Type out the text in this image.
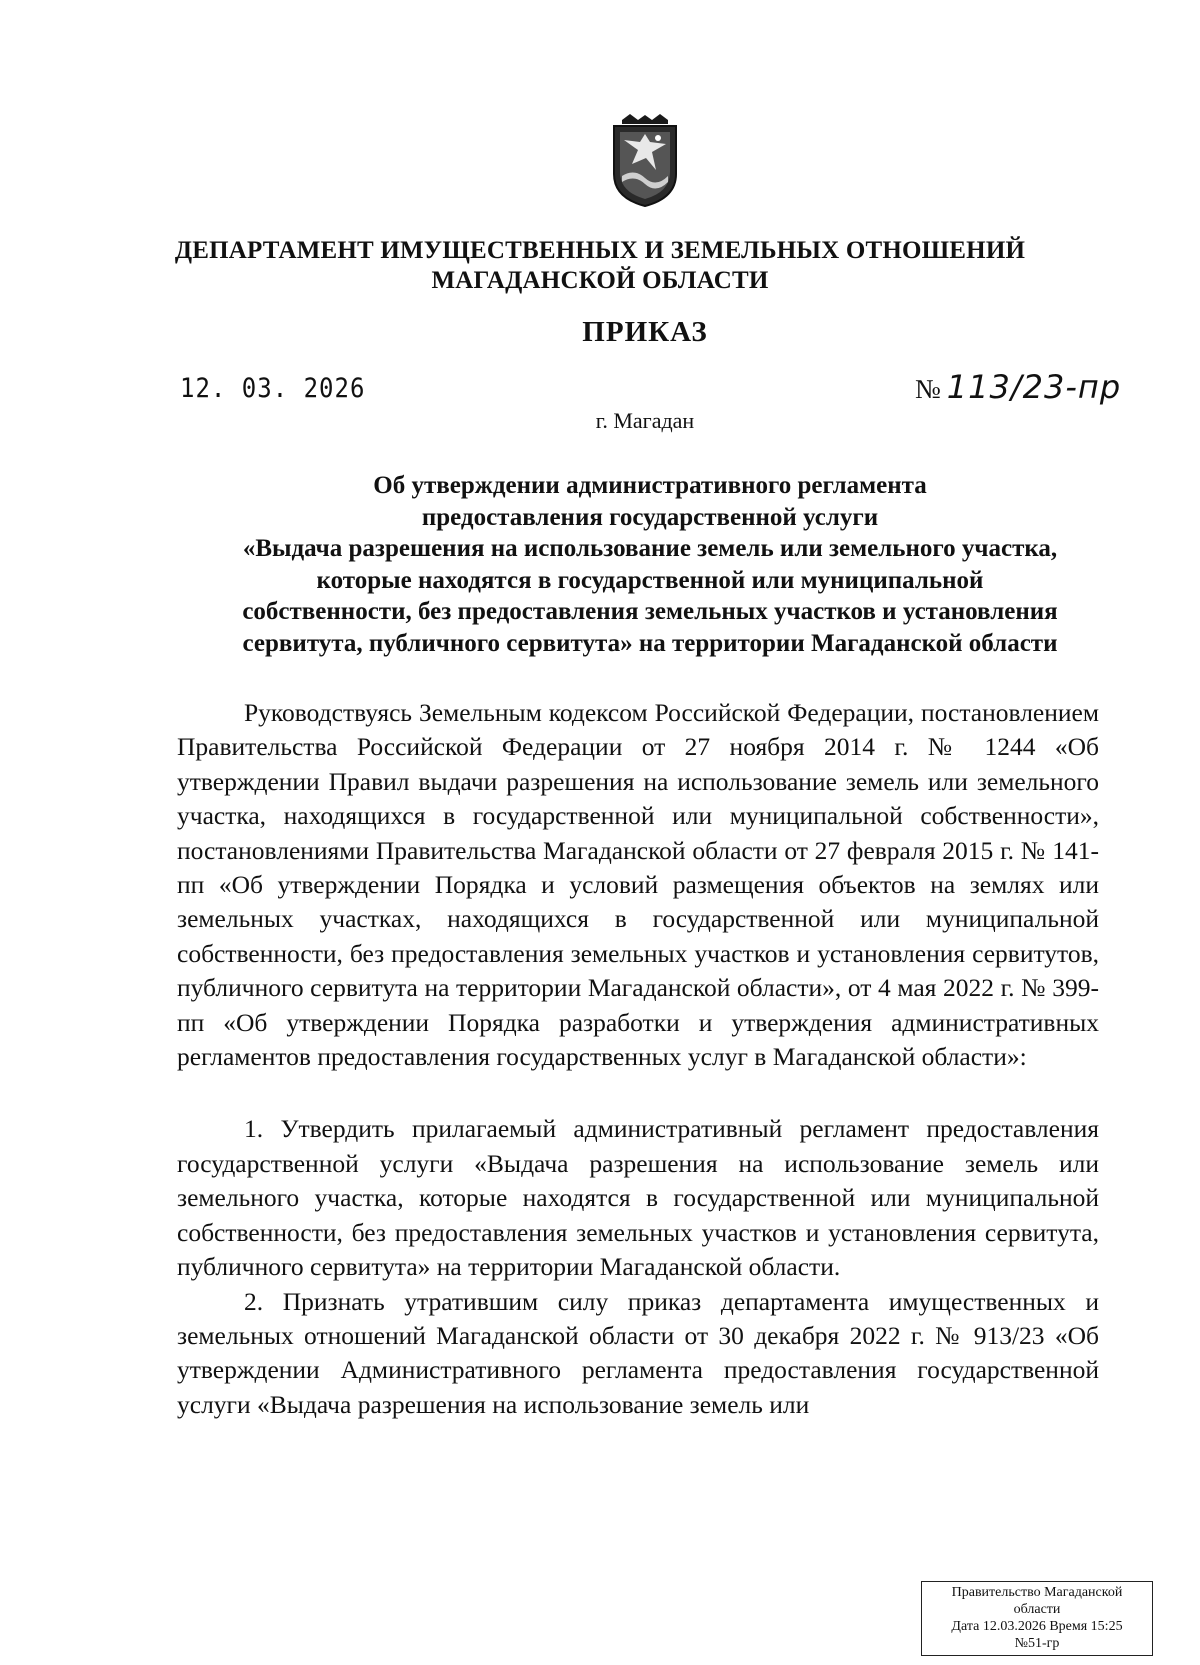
ДЕПАРТАМЕНТ ИМУЩЕСТВЕННЫХ И ЗЕМЕЛЬНЫХ ОТНОШЕНИЙ
МАГАДАНСКОЙ ОБЛАСТИ
ПРИКАЗ
12. 03. 2026	№ 113/23-пр
г. Магадан
Об утверждении административного регламента
предоставления государственной услуги
«Выдача разрешения на использование земель или земельного участка,
которые находятся в государственной или муниципальной
собственности, без предоставления земельных участков и установления
сервитута, публичного сервитута» на территории Магаданской области

Руководствуясь Земельным кодексом Российской Федерации, постановлением Правительства Российской Федерации от 27 ноября 2014 г. № 1244 «Об утверждении Правил выдачи разрешения на использование земель или земельного участка, находящихся в государственной или муниципальной собственности», постановлениями Правительства Магаданской области от 27 февраля 2015 г. № 141-пп «Об утверждении Порядка и условий размещения объектов на землях или земельных участках, находящихся в государственной или муниципальной собственности, без предоставления земельных участков и установления сервитутов, публичного сервитута на территории Магаданской области», от 4 мая 2022 г. № 399-пп «Об утверждении Порядка разработки и утверждения административных регламентов предоставления государственных услуг в Магаданской области»:

1. Утвердить прилагаемый административный регламент предоставления государственной услуги «Выдача разрешения на использование земель или земельного участка, которые находятся в государственной или муниципальной собственности, без предоставления земельных участков и установления сервитута, публичного сервитута» на территории Магаданской области.

2. Признать утратившим силу приказ департамента имущественных и земельных отношений Магаданской области от 30 декабря 2022 г. № 913/23 «Об утверждении Административного регламента предоставления государственной услуги «Выдача разрешения на использование земель или

Правительство Магаданской
области
Дата 12.03.2026 Время 15:25
№51-гр
